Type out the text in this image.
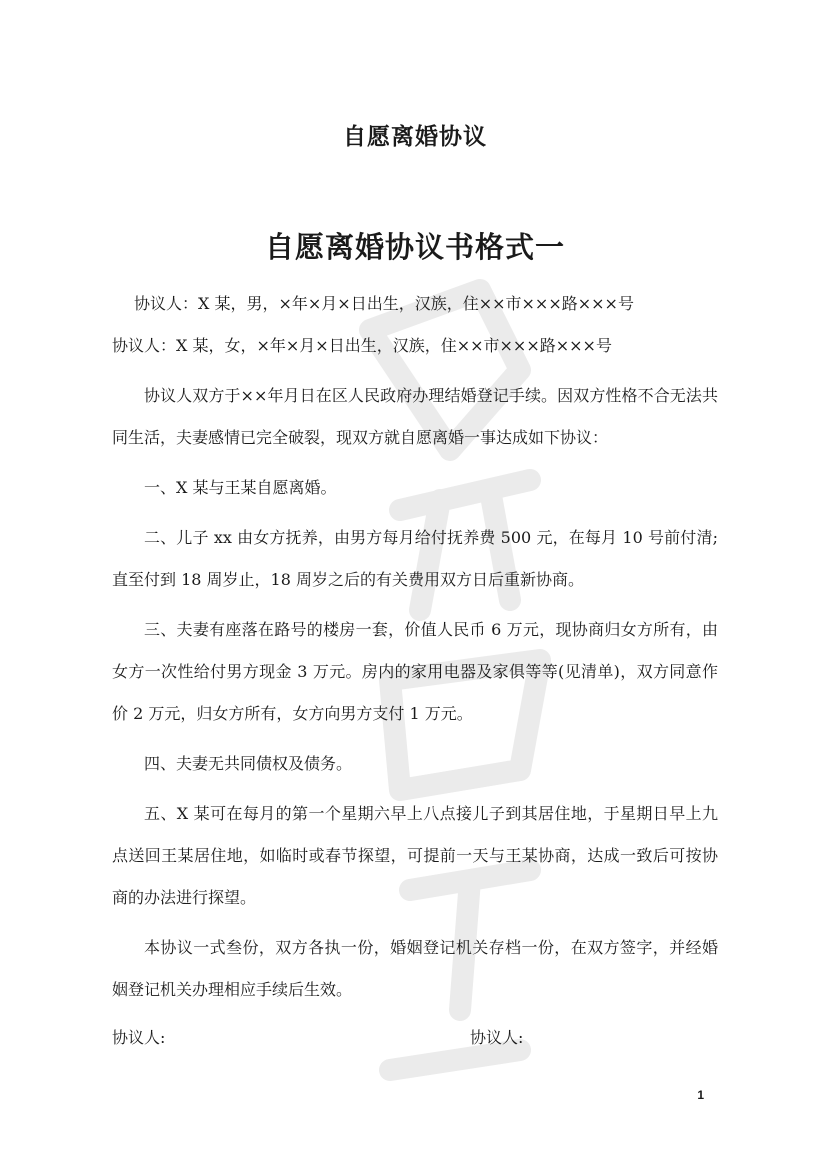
自愿离婚协议
自愿离婚协议书格式一

协议人：X 某，男，×年×月×日出生，汉族，住××市×××路×××号

协议人：X 某，女，×年×月×日出生，汉族，住××市×××路×××号

协议人双方于××年月日在区人民政府办理结婚登记手续。因双方性格不合无法共同生活，夫妻感情已完全破裂，现双方就自愿离婚一事达成如下协议：

一、X 某与王某自愿离婚。

二、儿子 xx 由女方抚养，由男方每月给付抚养费 500 元，在每月 10 号前付清;直至付到 18 周岁止，18 周岁之后的有关费用双方日后重新协商。

三、夫妻有座落在路号的楼房一套，价值人民币 6 万元，现协商归女方所有，由女方一次性给付男方现金 3 万元。房内的家用电器及家俱等等(见清单)，双方同意作价 2 万元，归女方所有，女方向男方支付 1 万元。

四、夫妻无共同债权及债务。

五、X 某可在每月的第一个星期六早上八点接儿子到其居住地，于星期日早上九点送回王某居住地，如临时或春节探望，可提前一天与王某协商，达成一致后可按协商的办法进行探望。

本协议一式叁份，双方各执一份，婚姻登记机关存档一份，在双方签字，并经婚姻登记机关办理相应手续后生效。

协议人:	协议人:
1
